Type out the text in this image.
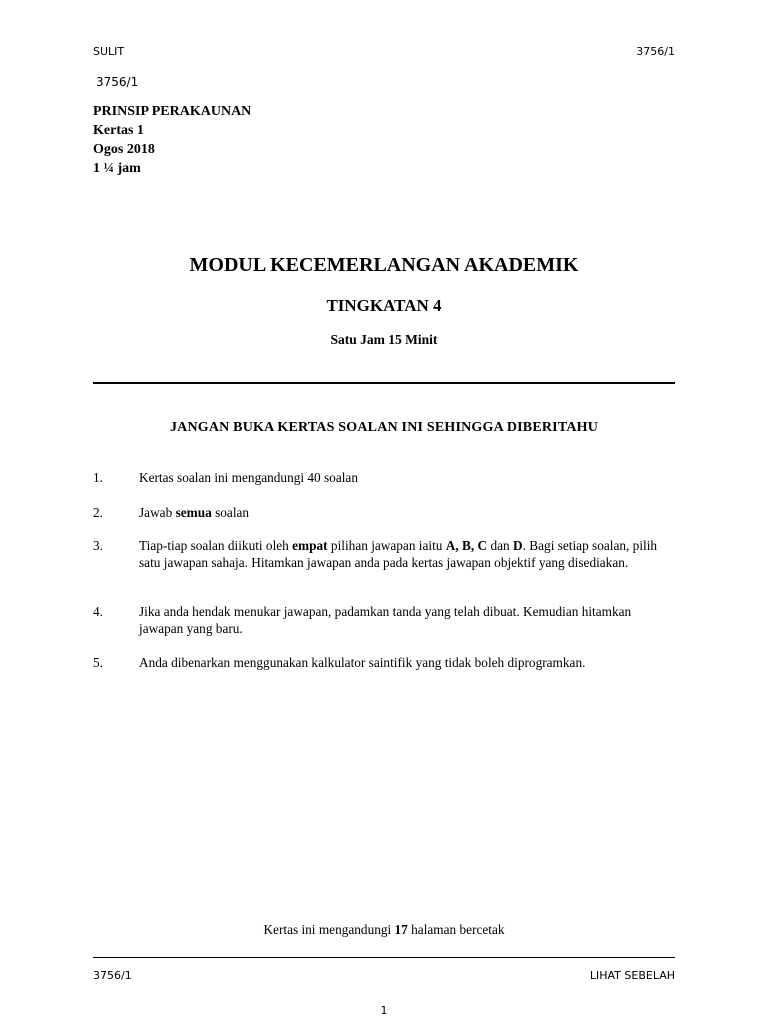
SULIT	3756/1
3756/1
PRINSIP PERAKAUNAN
Kertas 1
Ogos 2018
1 ¼ jam
MODUL KECEMERLANGAN AKADEMIK
TINGKATAN 4
Satu Jam 15 Minit
JANGAN BUKA KERTAS SOALAN INI SEHINGGA DIBERITAHU
1.	Kertas soalan ini mengandungi 40 soalan
2.	Jawab semua soalan
3.	Tiap-tiap soalan diikuti oleh empat pilihan jawapan iaitu A, B, C dan D. Bagi setiap soalan, pilih satu jawapan sahaja. Hitamkan jawapan anda pada kertas jawapan objektif yang disediakan.
4.	Jika anda hendak menukar jawapan, padamkan tanda yang telah dibuat. Kemudian hitamkan jawapan yang baru.
5.	Anda dibenarkan menggunakan kalkulator saintifik yang tidak boleh diprogramkan.
Kertas ini mengandungi 17 halaman bercetak
3756/1	LIHAT SEBELAH
1
